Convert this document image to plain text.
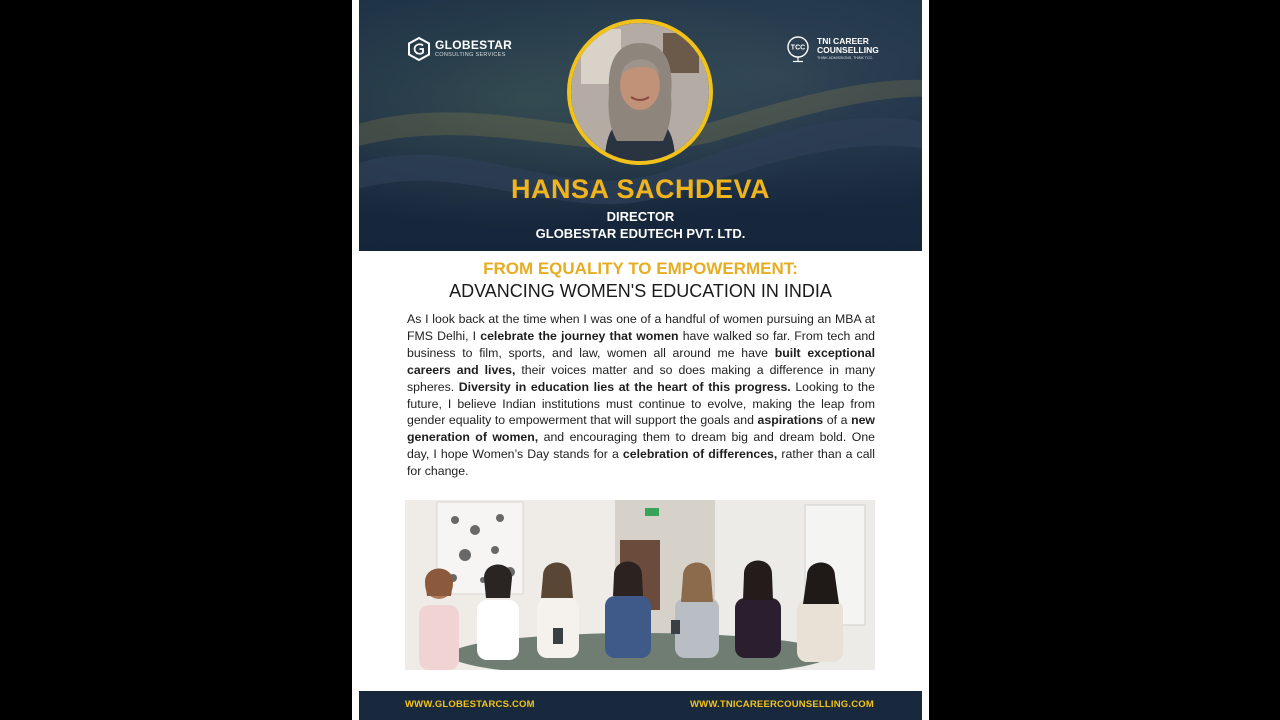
GLOBESTAR
CONSULTING SERVICES
TCC
TNI CAREER
COUNSELLING
THINK ADMISSIONS, THINK TCC.
HANSA SACHDEVA
DIRECTOR
GLOBESTAR EDUTECH PVT. LTD.
FROM EQUALITY TO EMPOWERMENT:
ADVANCING WOMEN'S EDUCATION IN INDIA
As I look back at the time when I was one of a handful of women pursuing an MBA at FMS Delhi, I celebrate the journey that women have walked so far. From tech and business to film, sports, and law, women all around me have built exceptional careers and lives, their voices matter and so does making a difference in many spheres. Diversity in education lies at the heart of this progress. Looking to the future, I believe Indian institutions must continue to evolve, making the leap from gender equality to empowerment that will support the goals and aspirations of a new generation of women, and encouraging them to dream big and dream bold. One day, I hope Women’s Day stands for a celebration of differences, rather than a call for change.
WWW.GLOBESTARCS.COM	WWW.TNICAREERCOUNSELLING.COM
